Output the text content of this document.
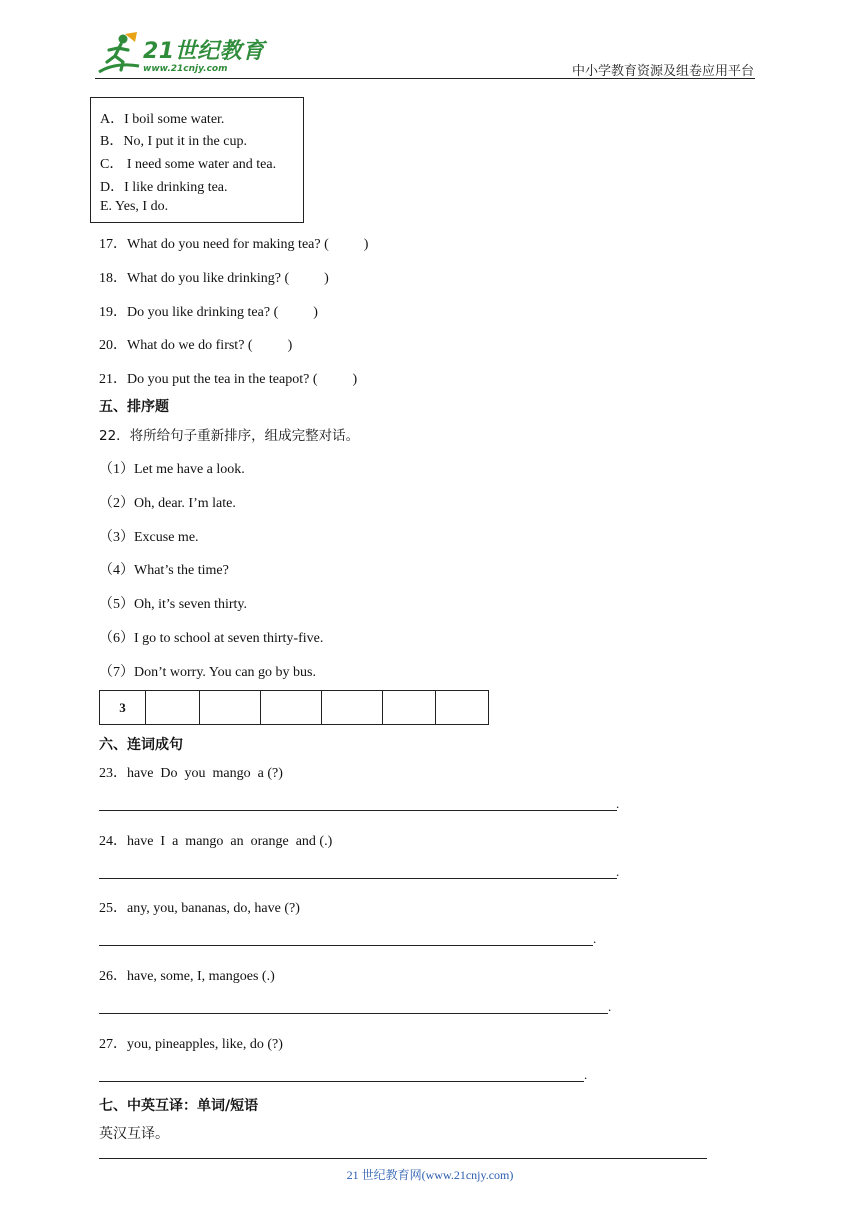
21世纪教育
www.21cnjy.com	中小学教育资源及组卷应用平台
A．I boil some water.
B．No, I put it in the cup.
C． I need some water and tea.
D．I like drinking tea.
E. Yes, I do.
17．What do you need for making tea? (          )
18．What do you like drinking? (          )
19．Do you like drinking tea? (          )
20．What do we do first? (          )
21．Do you put the tea in the teapot? (          )
五、排序题
22．将所给句子重新排序，组成完整对话。
（1）Let me have a look.
（2）Oh, dear. I’m late.
（3）Excuse me.
（4）What’s the time?
（5）Oh, it’s seven thirty.
（6）I go to school at seven thirty-five.
（7）Don’t worry. You can go by bus.
3						
六、连词成句
23．have  Do  you  mango  a (?)
.
24．have  I  a  mango  an  orange  and (.)
.
25．any, you, bananas, do, have (?)
.
26．have, some, I, mangoes (.)
.
27．you, pineapples, like, do (?)
.
七、中英互译：单词/短语
英汉互译。
21 世纪教育网(www.21cnjy.com)
